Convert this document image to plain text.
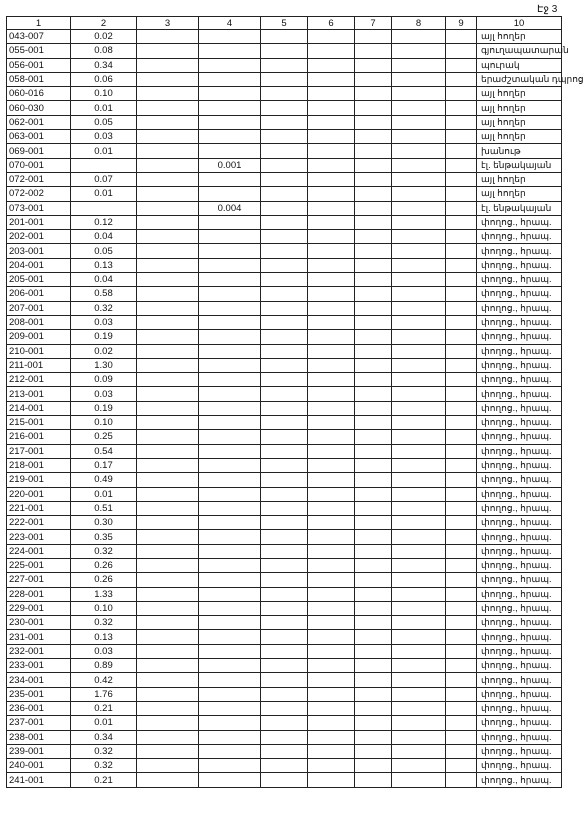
Էջ 3
1	2	3	4	5	6	7	8	9	10
043-007	0.02								այլ հողեր
055-001	0.08								գյուղապատարան
056-001	0.34								պուրակ
058-001	0.06								երաժշտական դպրոց
060-016	0.10								այլ հողեր
060-030	0.01								այլ հողեր
062-001	0.05								այլ հողեր
063-001	0.03								այլ հողեր
069-001	0.01								խանութ
070-001			0.001						էլ. ենթակայան
072-001	0.07								այլ հողեր
072-002	0.01								այլ հողեր
073-001			0.004						էլ. ենթակայան
201-001	0.12								փողոց., հրապ.
202-001	0.04								փողոց., հրապ.
203-001	0.05								փողոց., հրապ.
204-001	0.13								փողոց., հրապ.
205-001	0.04								փողոց., հրապ.
206-001	0.58								փողոց., հրապ.
207-001	0.32								փողոց., հրապ.
208-001	0.03								փողոց., հրապ.
209-001	0.19								փողոց., հրապ.
210-001	0.02								փողոց., հրապ.
211-001	1.30								փողոց., հրապ.
212-001	0.09								փողոց., հրապ.
213-001	0.03								փողոց., հրապ.
214-001	0.19								փողոց., հրապ.
215-001	0.10								փողոց., հրապ.
216-001	0.25								փողոց., հրապ.
217-001	0.54								փողոց., հրապ.
218-001	0.17								փողոց., հրապ.
219-001	0.49								փողոց., հրապ.
220-001	0.01								փողոց., հրապ.
221-001	0.51								փողոց., հրապ.
222-001	0.30								փողոց., հրապ.
223-001	0.35								փողոց., հրապ.
224-001	0.32								փողոց., հրապ.
225-001	0.26								փողոց., հրապ.
227-001	0.26								փողոց., հրապ.
228-001	1.33								փողոց., հրապ.
229-001	0.10								փողոց., հրապ.
230-001	0.32								փողոց., հրապ.
231-001	0.13								փողոց., հրապ.
232-001	0.03								փողոց., հրապ.
233-001	0.89								փողոց., հրապ.
234-001	0.42								փողոց., հրապ.
235-001	1.76								փողոց., հրապ.
236-001	0.21								փողոց., հրապ.
237-001	0.01								փողոց., հրապ.
238-001	0.34								փողոց., հրապ.
239-001	0.32								փողոց., հրապ.
240-001	0.32								փողոց., հրապ.
241-001	0.21								փողոց., հրապ.
